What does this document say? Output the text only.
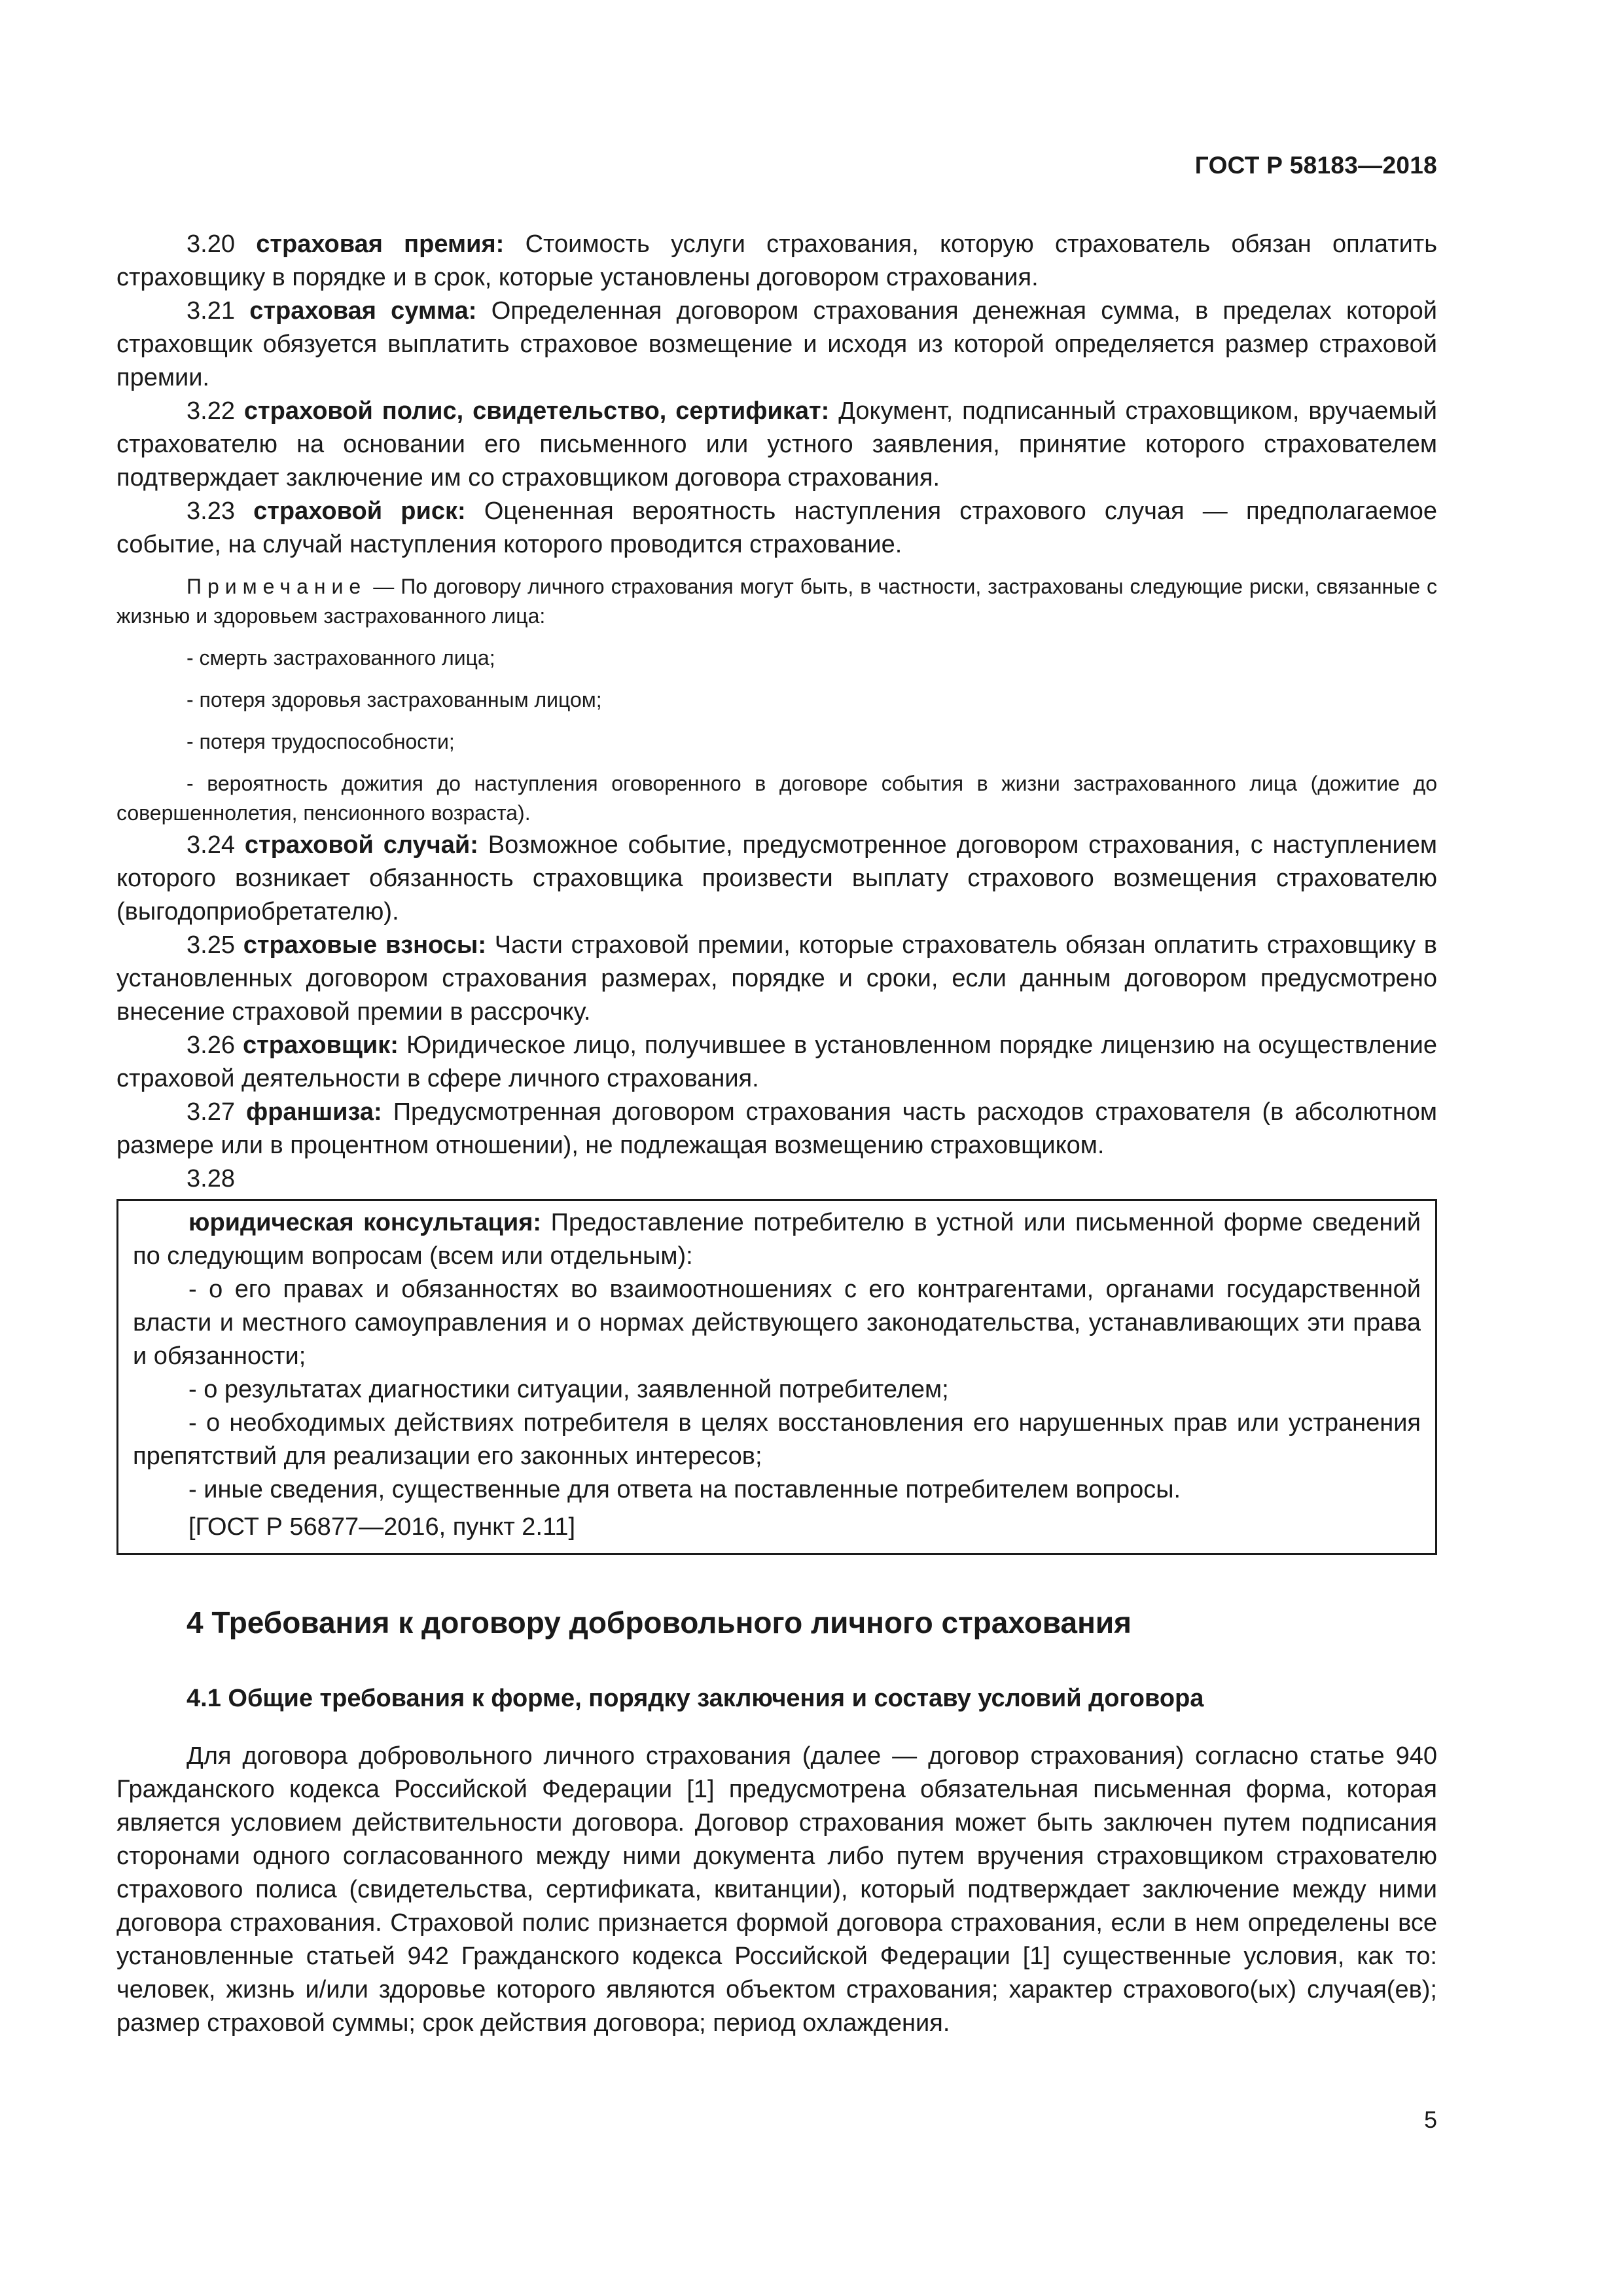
ГОСТ Р 58183—2018

3.20 страховая премия: Стоимость услуги страхования, которую страхователь обязан оплатить страховщику в порядке и в срок, которые установлены договором страхования.

3.21 страховая сумма: Определенная договором страхования денежная сумма, в пределах которой страховщик обязуется выплатить страховое возмещение и исходя из которой определяется размер страховой премии.

3.22 страховой полис, свидетельство, сертификат: Документ, подписанный страховщиком, вручаемый страхователю на основании его письменного или устного заявления, принятие которого страхователем подтверждает заключение им со страховщиком договора страхования.

3.23 страховой риск: Оцененная вероятность наступления страхового случая — предполагаемое событие, на случай наступления которого проводится страхование.

Примечание — По договору личного страхования могут быть, в частности, застрахованы следующие риски, связанные с жизнью и здоровьем застрахованного лица:

- смерть застрахованного лица;

- потеря здоровья застрахованным лицом;

- потеря трудоспособности;

- вероятность дожития до наступления оговоренного в договоре события в жизни застрахованного лица (дожитие до совершеннолетия, пенсионного возраста).

3.24 страховой случай: Возможное событие, предусмотренное договором страхования, с наступлением которого возникает обязанность страховщика произвести выплату страхового возмещения страхователю (выгодоприобретателю).

3.25 страховые взносы: Части страховой премии, которые страхователь обязан оплатить страховщику в установленных договором страхования размерах, порядке и сроки, если данным договором предусмотрено внесение страховой премии в рассрочку.

3.26 страховщик: Юридическое лицо, получившее в установленном порядке лицензию на осуществление страховой деятельности в сфере личного страхования.

3.27 франшиза: Предусмотренная договором страхования часть расходов страхователя (в абсолютном размере или в процентном отношении), не подлежащая возмещению страховщиком.

3.28

юридическая консультация: Предоставление потребителю в устной или письменной форме сведений по следующим вопросам (всем или отдельным):

- о его правах и обязанностях во взаимоотношениях с его контрагентами, органами государственной власти и местного самоуправления и о нормах действующего законодательства, устанавливающих эти права и обязанности;

- о результатах диагностики ситуации, заявленной потребителем;

- о необходимых действиях потребителя в целях восстановления его нарушенных прав или устранения препятствий для реализации его законных интересов;

- иные сведения, существенные для ответа на поставленные потребителем вопросы.

[ГОСТ Р 56877—2016, пункт 2.11]

4 Требования к договору добровольного личного страхования
4.1 Общие требования к форме, порядку заключения и составу условий договора

Для договора добровольного личного страхования (далее — договор страхования) согласно статье 940 Гражданского кодекса Российской Федерации [1] предусмотрена обязательная письменная форма, которая является условием действительности договора. Договор страхования может быть заключен путем подписания сторонами одного согласованного между ними документа либо путем вручения страховщиком страхователю страхового полиса (свидетельства, сертификата, квитанции), который подтверждает заключение между ними договора страхования. Страховой полис признается формой договора страхования, если в нем определены все установленные статьей 942 Гражданского кодекса Российской Федерации [1] существенные условия, как то: человек, жизнь и/или здоровье которого являются объектом страхования; характер страхового(ых) случая(ев); размер страховой суммы; срок действия договора; период охлаждения.

5
